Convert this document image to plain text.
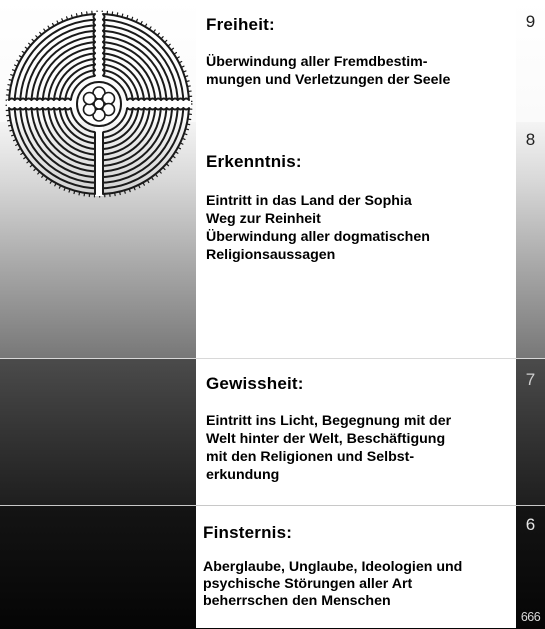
Freiheit:
Überwindung aller Fremdbestim-
mungen und Verletzungen der Seele
Erkenntnis:
Eintritt in das Land der Sophia
Weg zur Reinheit
Überwindung aller dogmatischen
Religionsaussagen
Gewissheit:
Eintritt ins Licht, Begegnung mit der
Welt hinter der Welt, Beschäftigung
mit den Religionen und Selbst-
erkundung
Finsternis:
Aberglaube, Unglaube, Ideologien und
psychische Störungen aller Art
beherrschen den Menschen
9
8
7
6
666
